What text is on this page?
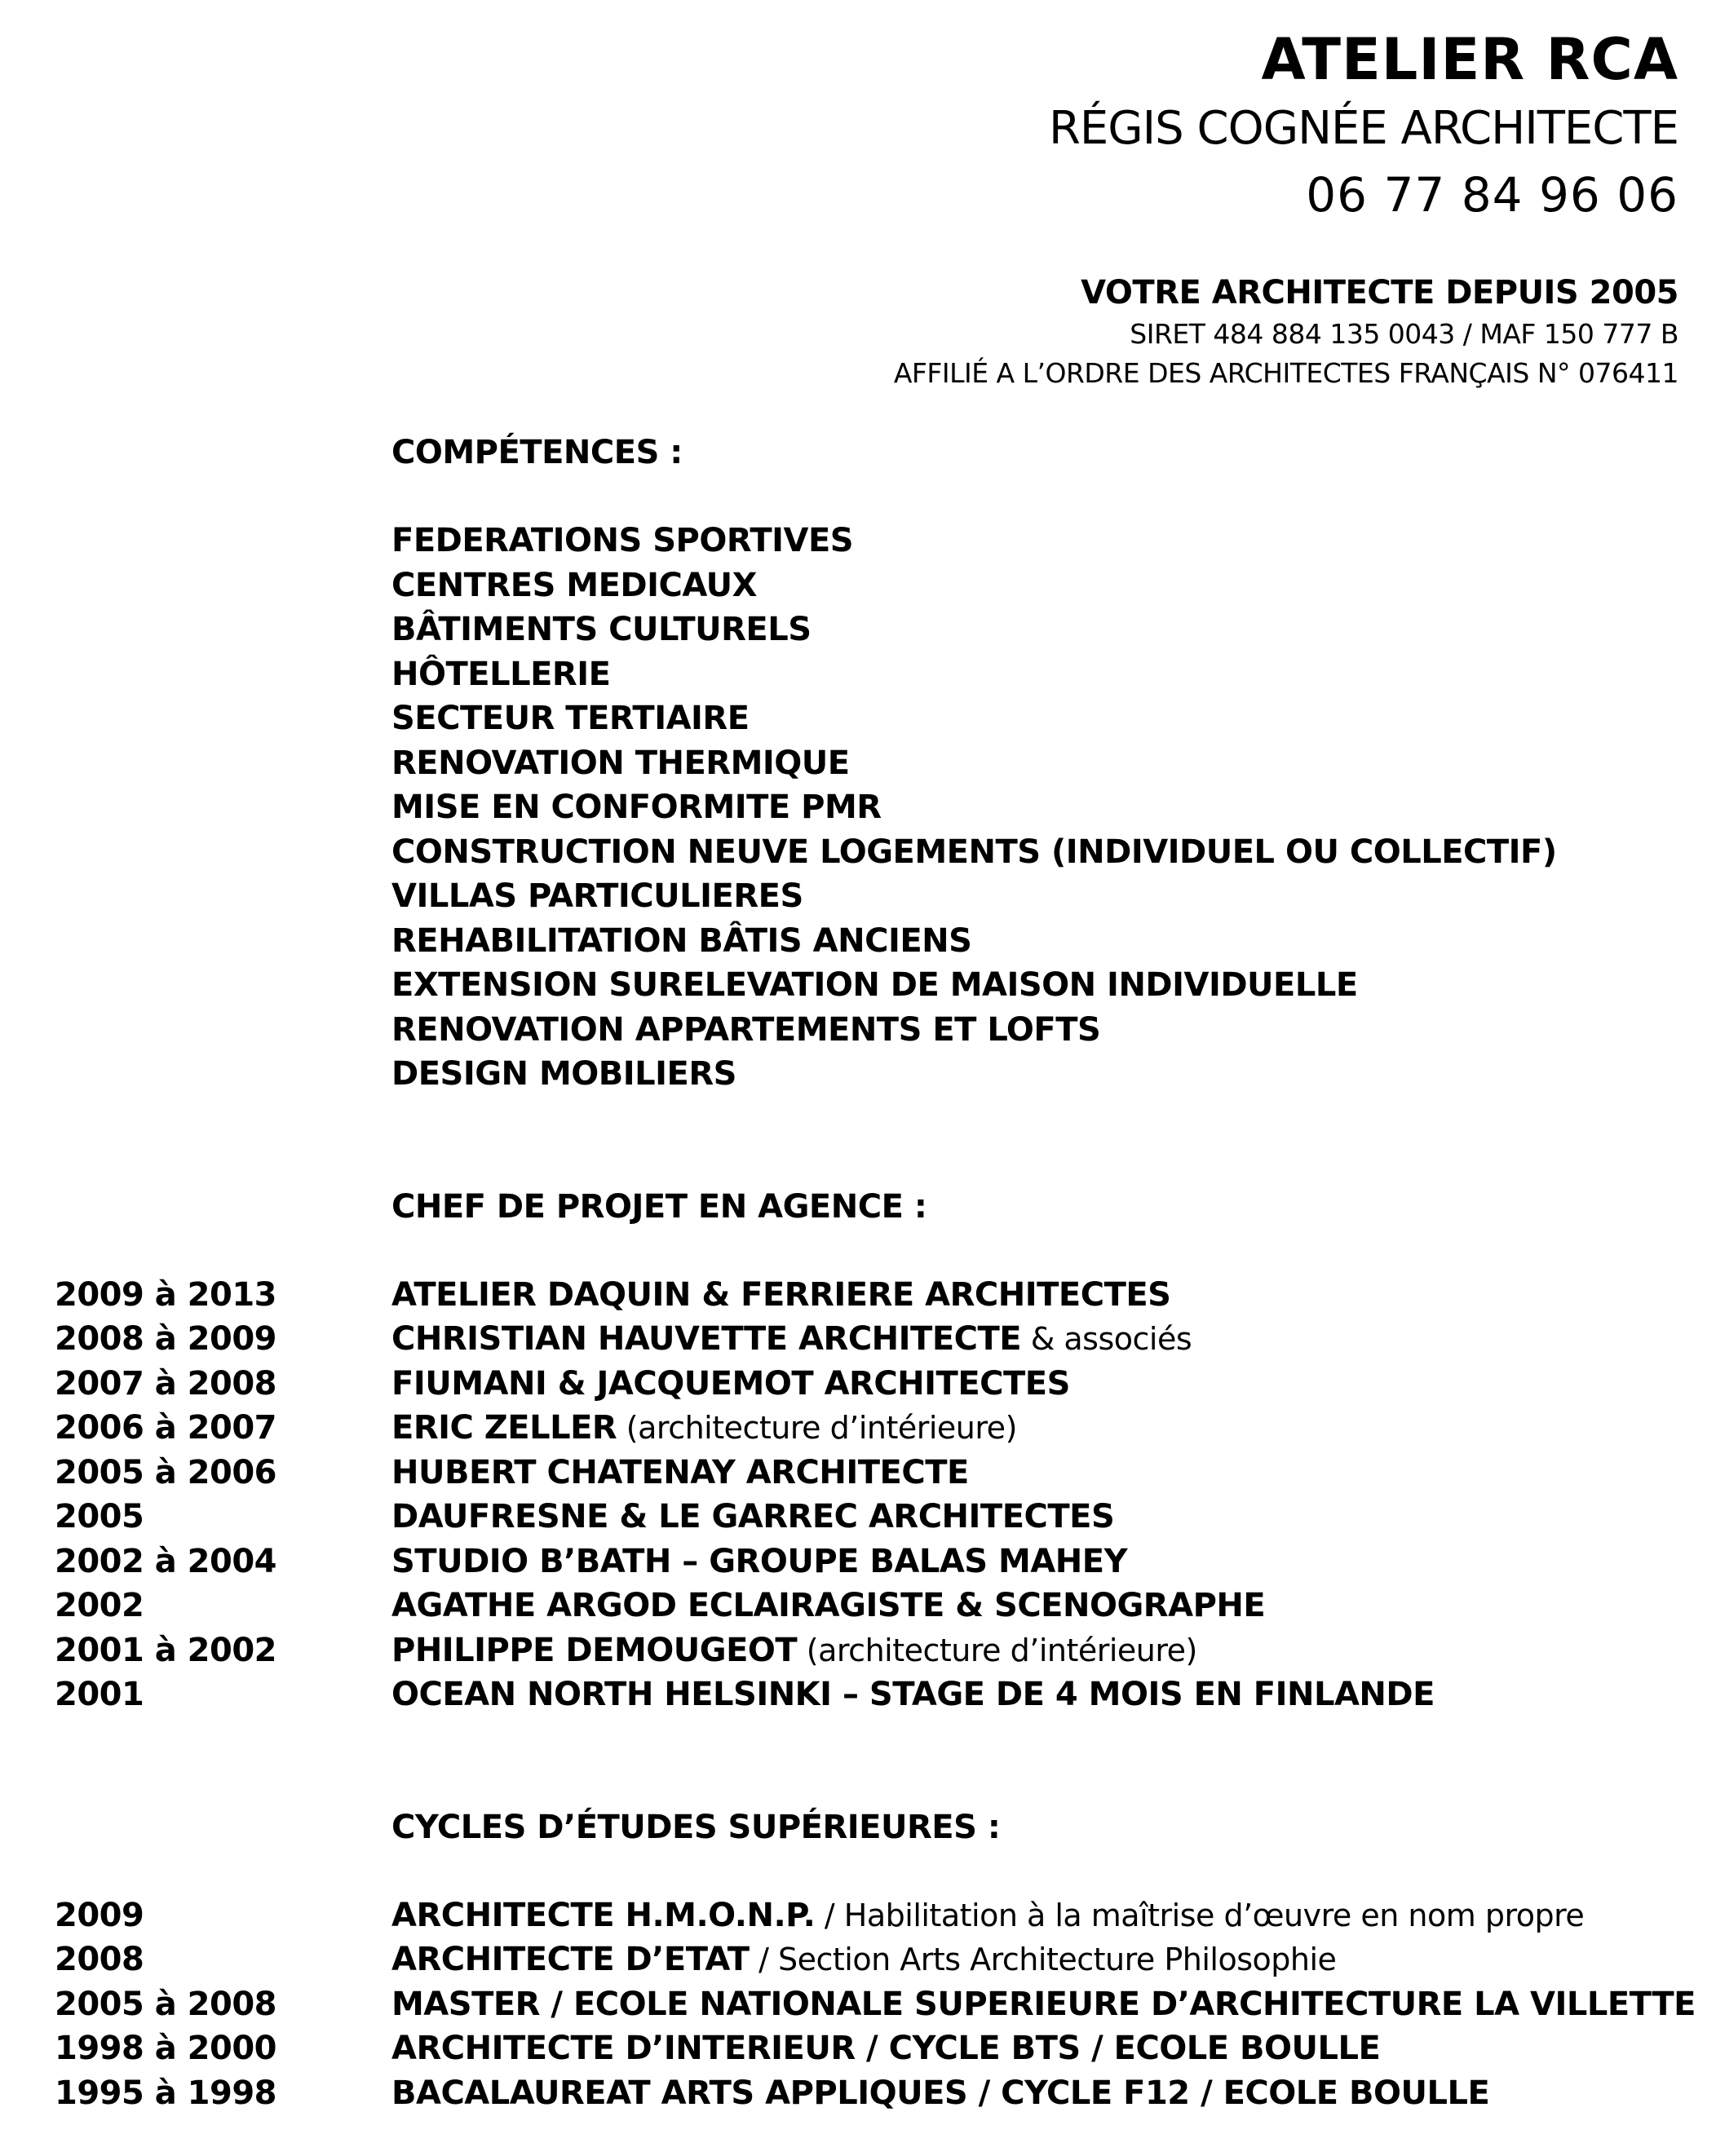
ATELIER RCA
RÉGIS COGNÉE ARCHITECTE
06 77 84 96 06
VOTRE ARCHITECTE DEPUIS 2005
SIRET 484 884 135 0043 / MAF 150 777 B
AFFILIÉ A L’ORDRE DES ARCHITECTES FRANÇAIS N° 076411
COMPÉTENCES :
FEDERATIONS SPORTIVES
CENTRES MEDICAUX
BÂTIMENTS CULTURELS
HÔTELLERIE
SECTEUR TERTIAIRE
RENOVATION THERMIQUE
MISE EN CONFORMITE PMR
CONSTRUCTION NEUVE LOGEMENTS (INDIVIDUEL OU COLLECTIF)
VILLAS PARTICULIERES
REHABILITATION BÂTIS ANCIENS
EXTENSION SURELEVATION DE MAISON INDIVIDUELLE
RENOVATION APPARTEMENTS ET LOFTS
DESIGN MOBILIERS
CHEF DE PROJET EN AGENCE :
2009 à 2013	ATELIER DAQUIN & FERRIERE ARCHITECTES
2008 à 2009	CHRISTIAN HAUVETTE ARCHITECTE & associés
2007 à 2008	FIUMANI & JACQUEMOT ARCHITECTES
2006 à 2007	ERIC ZELLER (architecture d’intérieure)
2005 à 2006	HUBERT CHATENAY ARCHITECTE
2005	DAUFRESNE & LE GARREC ARCHITECTES
2002 à 2004	STUDIO B’BATH – GROUPE BALAS MAHEY
2002	AGATHE ARGOD ECLAIRAGISTE & SCENOGRAPHE
2001 à 2002	PHILIPPE DEMOUGEOT (architecture d’intérieure)
2001	OCEAN NORTH HELSINKI – STAGE DE 4 MOIS EN FINLANDE
CYCLES D’ÉTUDES SUPÉRIEURES :
2009	ARCHITECTE H.M.O.N.P. / Habilitation à la maîtrise d’œuvre en nom propre
2008	ARCHITECTE D’ETAT / Section Arts Architecture Philosophie
2005 à 2008	MASTER / ECOLE NATIONALE SUPERIEURE D’ARCHITECTURE LA VILLETTE
1998 à 2000	ARCHITECTE D’INTERIEUR / CYCLE BTS / ECOLE BOULLE
1995 à 1998	BACALAUREAT ARTS APPLIQUES / CYCLE F12 / ECOLE BOULLE
